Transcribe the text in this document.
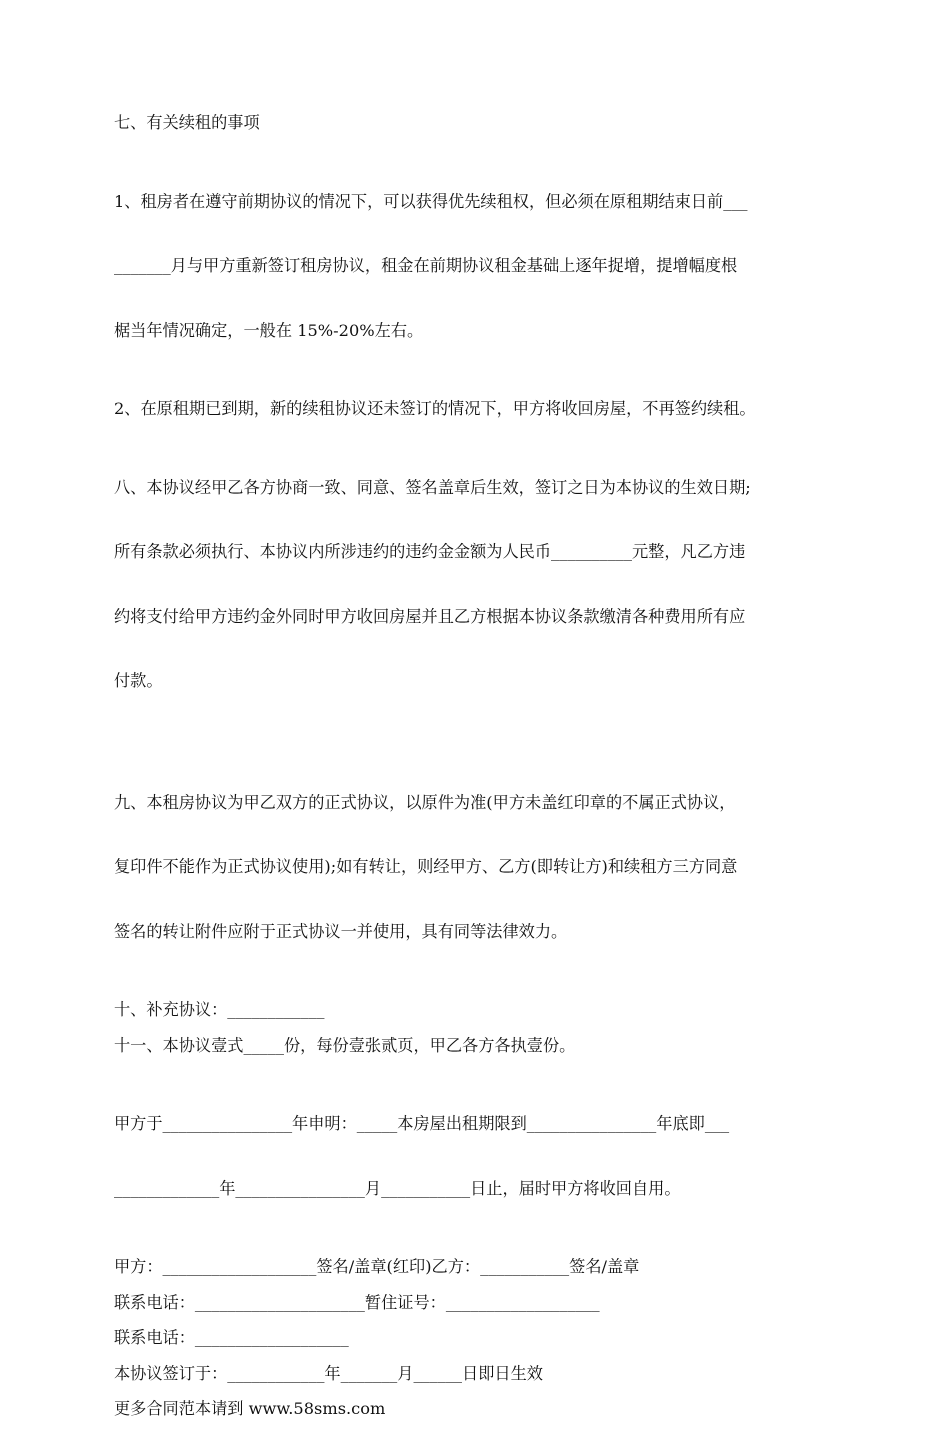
七、有关续租的事项

1、租房者在遵守前期协议的情况下，可以获得优先续租权，但必须在原租期结束日前___

_______月与甲方重新签订租房协议，租金在前期协议租金基础上逐年捉增，提增幅度根

椐当年情况确定，一般在 15%-20%左右。

2、在原租期已到期，新的续租协议还未签订的情况下，甲方将收回房屋，不再签约续租。

八、本协议经甲乙各方协商一致、同意、签名盖章后生效，签订之日为本协议的生效日期;

所有条款必须执行、本协议内所涉违约的违约金金额为人民币__________元整，凡乙方违

约将支付给甲方违约金外同时甲方收回房屋并且乙方根据本协议条款缴清各种费用所有应

付款。

九、本租房协议为甲乙双方的正式协议，以原件为准(甲方未盖红印章的不属正式协议，

复印件不能作为正式协议使用);如有转让，则经甲方、乙方(即转让方)和续租方三方同意

签名的转让附件应附于正式协议一并使用，具有同等法律效力。

十、补充协议：____________

十一、本协议壹式_____份，每份壹张贰页，甲乙各方各执壹份。

甲方于________________年申明：_____本房屋出租期限到________________年底即___

_____________年________________月___________日止，届时甲方将收回自用。

甲方：___________________签名/盖章(红印)乙方：___________签名/盖章

联系电话：_____________________暂住证号：___________________

联系电话：___________________

本协议签订于：____________年_______月______日即日生效

更多合同范本请到 www.58sms.com
